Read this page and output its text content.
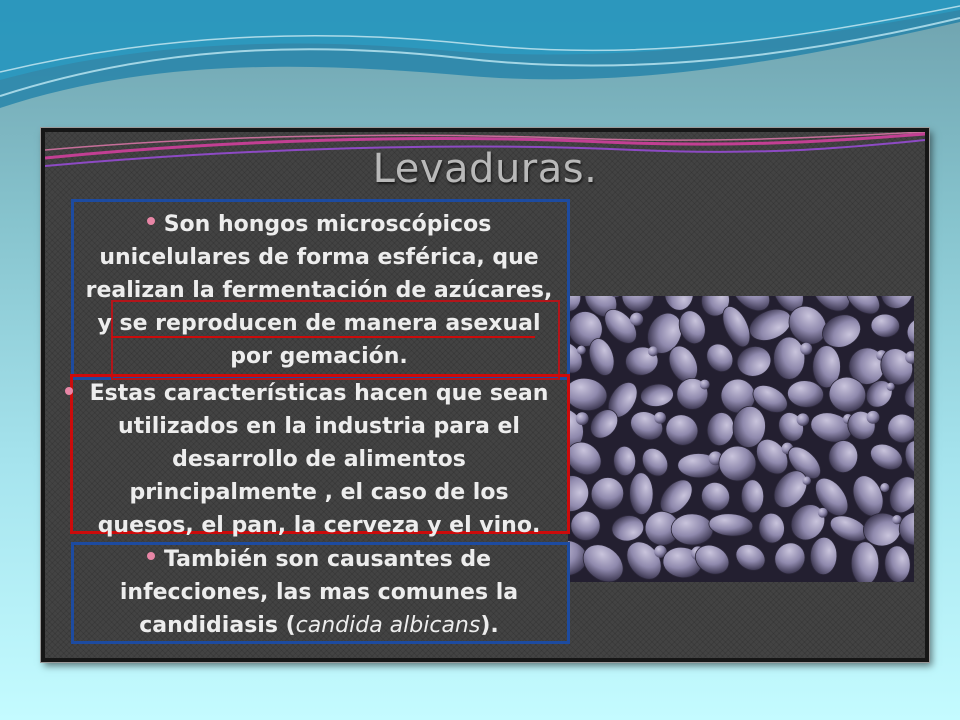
Levaduras.
Son hongos microscópicos unicelulares de forma esférica, que realizan la fermentación de azúcares, y se reproducen de manera asexual por gemación.
Estas características hacen que sean utilizados en la industria para el desarrollo de alimentos principalmente , el caso de los quesos, el pan, la cerveza y el vino.
También son causantes de infecciones, las mas comunes la candidiasis (candida albicans).
